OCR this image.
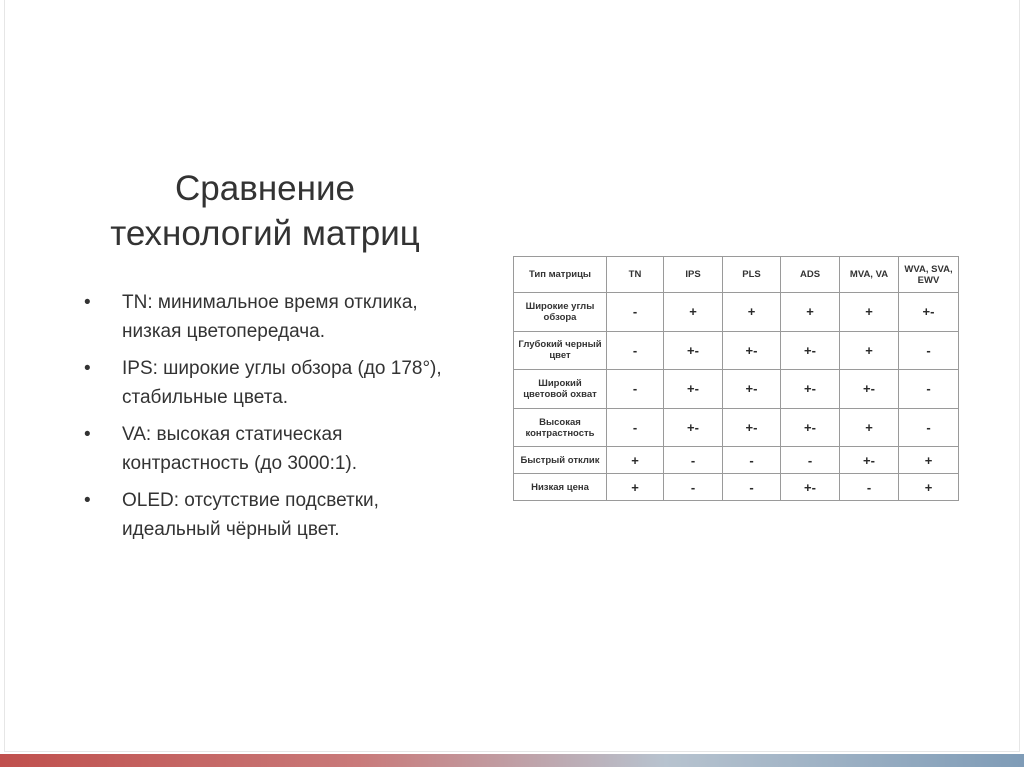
Сравнение
технологий матриц
• TN: минимальное время отклика, низкая цветопередача.
• IPS: широкие углы обзора (до 178°), стабильные цвета.
• VA: высокая статическая контрастность (до 3000:1).
• OLED: отсутствие подсветки, идеальный чёрный цвет.
Тип матрицы	TN	IPS	PLS	ADS	MVA, VA	WVA, SVA, EWV
Широкие углы обзора	-	+	+	+	+	+-
Глубокий черный цвет	-	+-	+-	+-	+	-
Широкий цветовой охват	-	+-	+-	+-	+-	-
Высокая контрастность	-	+-	+-	+-	+	-
Быстрый отклик	+	-	-	-	+-	+
Низкая цена	+	-	-	+-	-	+
